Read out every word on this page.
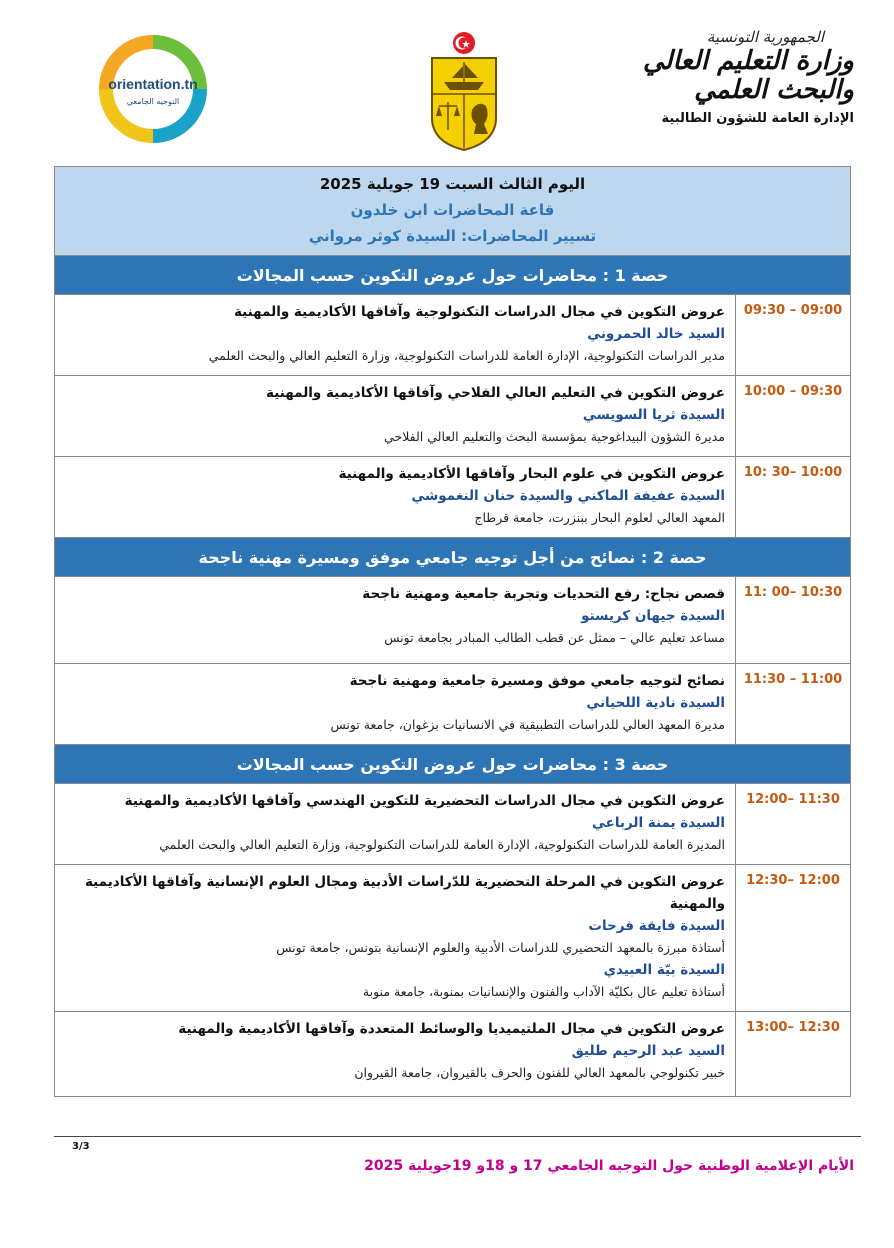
orientation.tn
التوجيه الجامعي
الجمهورية التونسية
وزارة التعليم العالي
والبحث العلمي
الإدارة العامة للشؤون الطالبية
اليوم الثالث السبت 19 جويلية 2025
قاعة المحاضرات ابن خلدون
تسيير المحاضرات: السيدة كوثر مرواني	

حصة 1 : محاضرات حول عروض التكوين حسب المجالات	
09:30 – 09:00	عروض التكوين في مجال الدراسات التكنولوجية وآفاقها الأكاديمية والمهنية
السيد خالد الحمروني
مدير الدراسات التكنولوجية، الإدارة العامة للدراسات التكنولوجية، وزارة التعليم العالي والبحث العلمي

10:00 – 09:30	عروض التكوين في التعليم العالي الفلاحي وآفاقها الأكاديمية والمهنية
السيدة ثريا السويسي
مديرة الشؤون البيداغوجية بمؤسسة البحث والتعليم العالي الفلاحي

10: 30– 10:00	عروض التكوين في علوم البحار وآفاقها الأكاديمية والمهنية
السيدة عفيفة الماكني والسيدة حنان النغموشي
المعهد العالي لعلوم البحار ببنزرت، جامعة قرطاج

حصة 2 : نصائح من أجل توجيه جامعي موفق ومسيرة مهنية ناجحة	
11: 00– 10:30	قصص نجاح: رفع التحديات وتجربة جامعية ومهنية ناجحة
السيدة جيهان كريستو
مساعد تعليم عالي – ممثل عن قطب الطالب المبادر بجامعة تونس

11:30 – 11:00	نصائح لتوجيه جامعي موفق ومسيرة جامعية ومهنية ناجحة
السيدة نادية اللحياني
مديرة المعهد العالي للدراسات التطبيقية في الانسانيات بزغوان، جامعة تونس

حصة 3 : محاضرات حول عروض التكوين حسب المجالات	
12:00– 11:30	عروض التكوين في مجال الدراسات التحضيرية للتكوين الهندسي وآفاقها الأكاديمية والمهنية
السيدة يمنة الرباعي
المديرة العامة للدراسات التكنولوجية، الإدارة العامة للدراسات التكنولوجية، وزارة التعليم العالي والبحث العلمي

12:30– 12:00	عروض التكوين في المرحلة التحضيرية للدّراسات الأدبية ومجال العلوم الإنسانية وآفاقها الأكاديمية والمهنية
السيدة فايقة فرحات
أستاذة مبرزة بالمعهد التحضيري للدراسات الأدبية والعلوم الإنسانية بتونس، جامعة تونس
السيدة بيّة العبيدي
أستاذة تعليم عال بكليّة الآداب والفنون والإنسانيات بمنوبة، جامعة منوبة

13:00– 12:30	عروض التكوين في مجال الملتيميديا والوسائط المتعددة وآفاقها الأكاديمية والمهنية
السيد عبد الرحيم طليق
خبير تكنولوجي بالمعهد العالي للفنون والحرف بالقيروان، جامعة القيروان
3/3
الأيام الإعلامية الوطنية حول التوجيه الجامعي 17 و 18و 19جويلية 2025
